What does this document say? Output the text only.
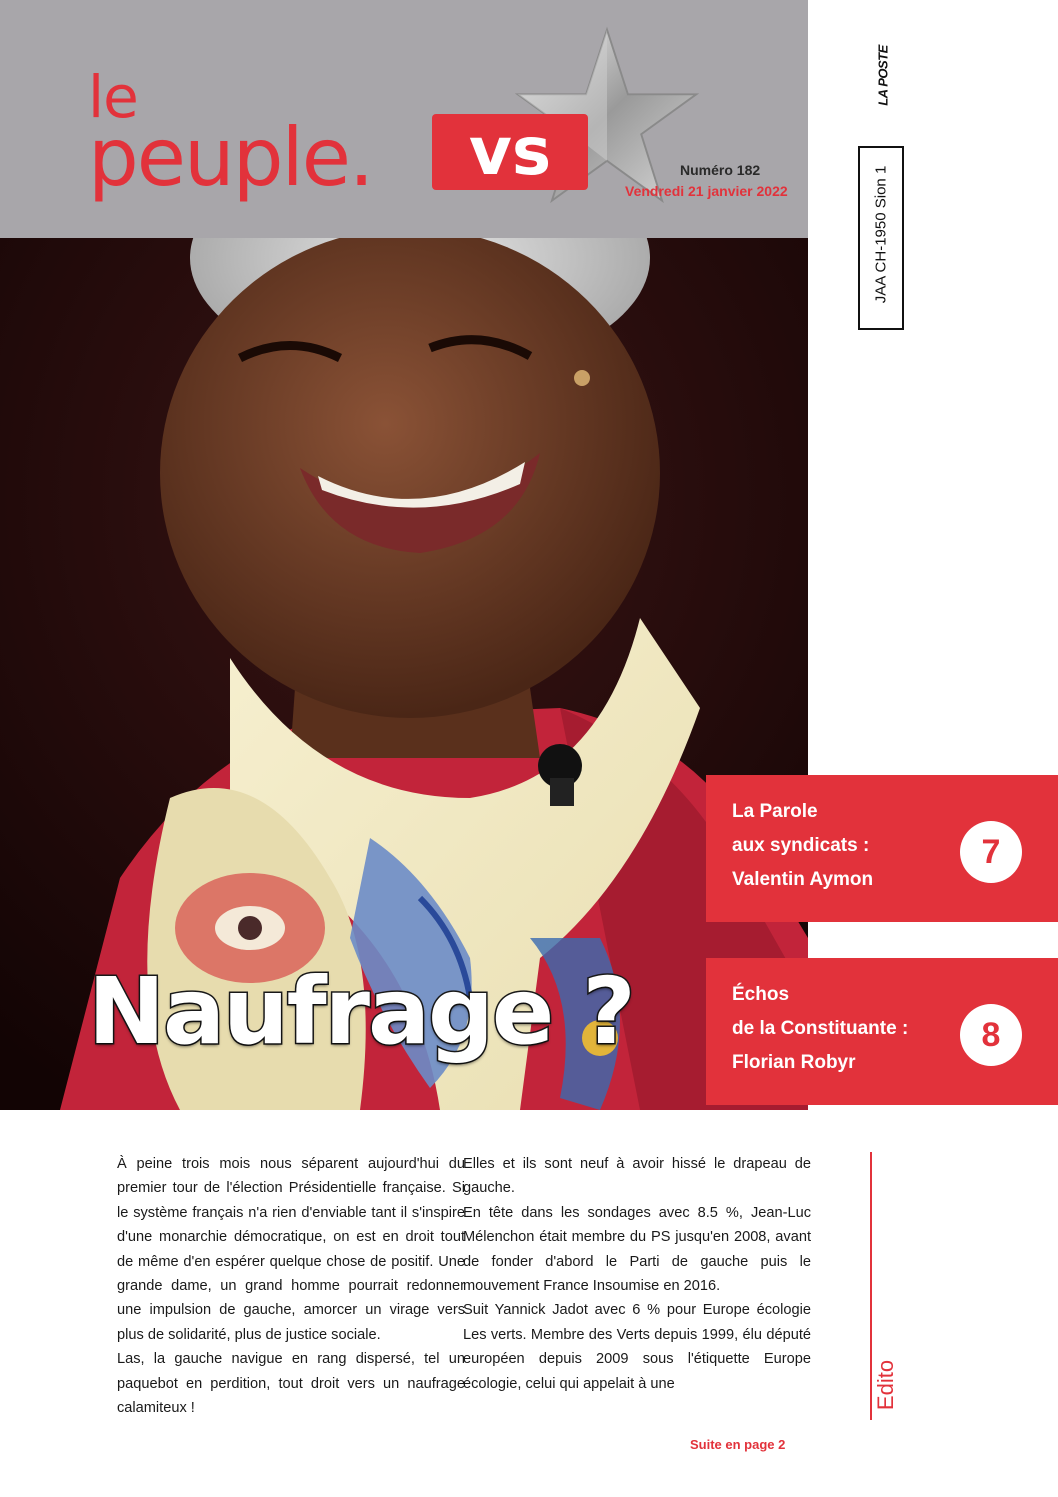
le
peuple.	vs	Numéro 182
Vendredi 21 janvier 2022
Naufrage ?
La Parole
aux syndicats :
Valentin Aymon
7
Échos
de la Constituante :
Florian Robyr
8
LA POSTE
JAA CH-1950 Sion 1

À peine trois mois nous séparent aujourd'hui du premier tour de l'élection Présidentielle française. Si le système français n'a rien d'enviable tant il s'inspire d'une monarchie démocratique, on est en droit tout de même d'en espérer quelque chose de positif. Une grande dame, un grand homme pourrait redonner une impulsion de gauche, amorcer un virage vers plus de solidarité, plus de justice sociale.

Las, la gauche navigue en rang dispersé, tel un paquebot en perdition, tout droit vers un naufrage calamiteux !

Elles et ils sont neuf à avoir hissé le drapeau de gauche.

En tête dans les sondages avec 8.5 %, Jean-Luc Mélenchon était membre du PS jusqu'en 2008, avant de fonder d'abord le Parti de gauche puis le mouvement France Insoumise en 2016.

Suit Yannick Jadot avec 6 % pour Europe écologie Les verts. Membre des Verts depuis 1999, élu député européen depuis 2009 sous l'étiquette Europe écologie, celui qui appelait à une

Suite en page 2
Edito
